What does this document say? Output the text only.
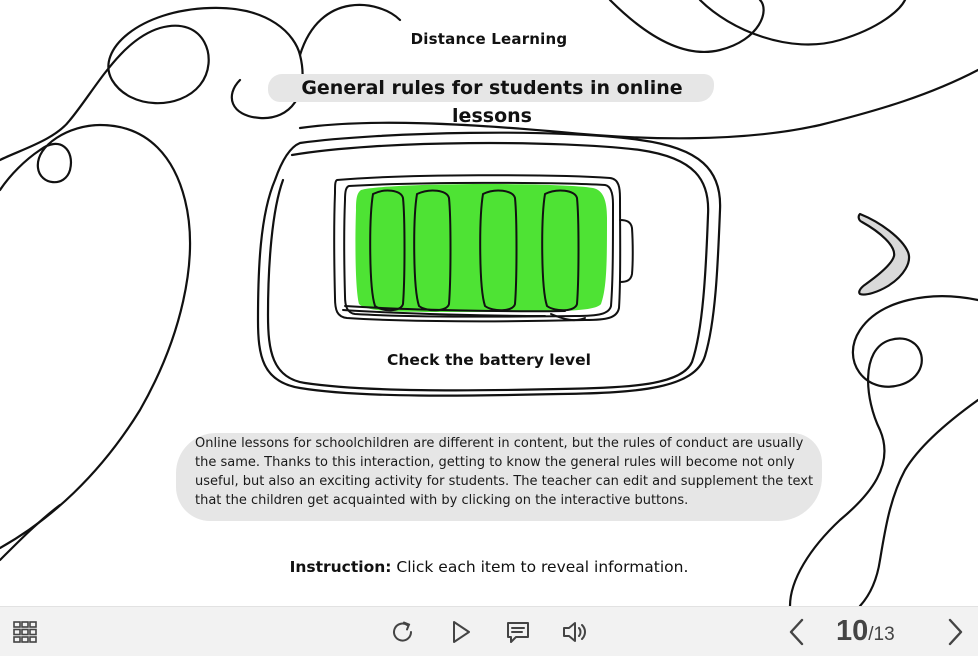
Distance Learning
General rules for students in online lessons
Check the battery level
Online lessons for schoolchildren are different in content, but the rules of conduct are usually the same. Thanks to this interaction, getting to know the general rules will become not only useful, but also an exciting activity for students. The teacher can edit and supplement the text that the children get acquainted with by clicking on the interactive buttons.
Instruction: Click each item to reveal information.
10 / 13
